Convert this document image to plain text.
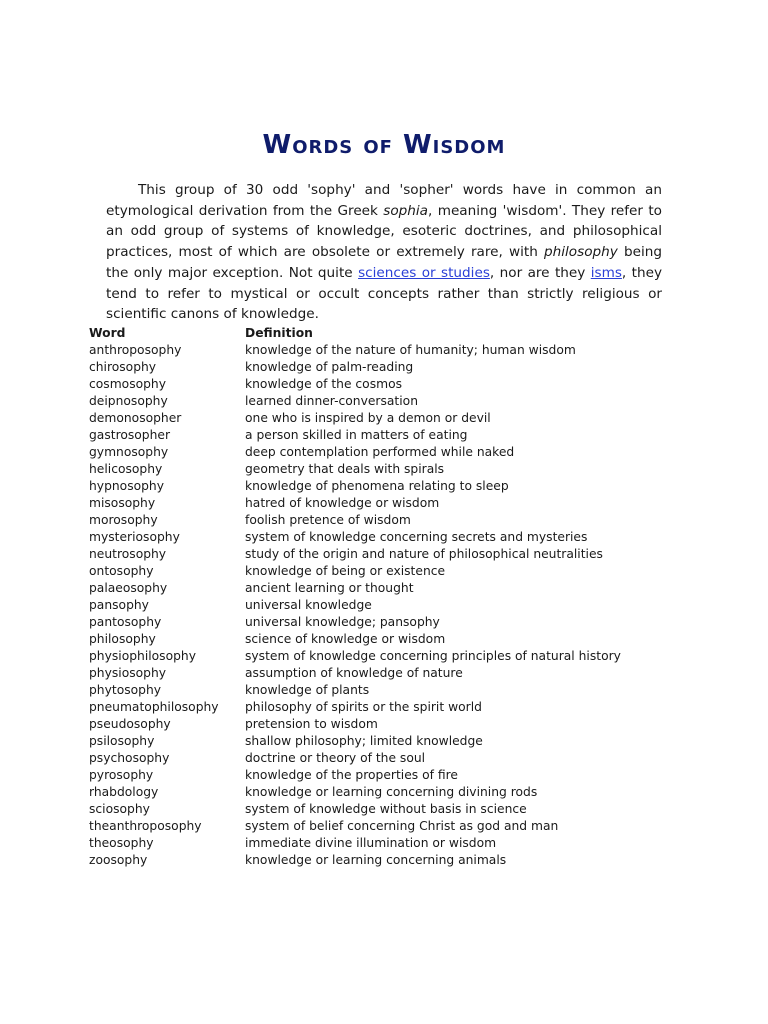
Words of Wisdom

This group of 30 odd 'sophy' and 'sopher' words have in common an etymological derivation from the Greek sophia, meaning 'wisdom'. They refer to an odd group of systems of knowledge, esoteric doctrines, and philosophical practices, most of which are obsolete or extremely rare, with philosophy being the only major exception. Not quite sciences or studies, nor are they isms, they tend to refer to mystical or occult concepts rather than strictly religious or scientific canons of knowledge.

Word	Definition
anthroposophy	knowledge of the nature of humanity; human wisdom
chirosophy	knowledge of palm-reading
cosmosophy	knowledge of the cosmos
deipnosophy	learned dinner-conversation
demonosopher	one who is inspired by a demon or devil
gastrosopher	a person skilled in matters of eating
gymnosophy	deep contemplation performed while naked
helicosophy	geometry that deals with spirals
hypnosophy	knowledge of phenomena relating to sleep
misosophy	hatred of knowledge or wisdom
morosophy	foolish pretence of wisdom
mysteriosophy	system of knowledge concerning secrets and mysteries
neutrosophy	study of the origin and nature of philosophical neutralities
ontosophy	knowledge of being or existence
palaeosophy	ancient learning or thought
pansophy	universal knowledge
pantosophy	universal knowledge; pansophy
philosophy	science of knowledge or wisdom
physiophilosophy	system of knowledge concerning principles of natural history
physiosophy	assumption of knowledge of nature
phytosophy	knowledge of plants
pneumatophilosophy	philosophy of spirits or the spirit world
pseudosophy	pretension to wisdom
psilosophy	shallow philosophy; limited knowledge
psychosophy	doctrine or theory of the soul
pyrosophy	knowledge of the properties of fire
rhabdology	knowledge or learning concerning divining rods
sciosophy	system of knowledge without basis in science
theanthroposophy	system of belief concerning Christ as god and man
theosophy	immediate divine illumination or wisdom
zoosophy	knowledge or learning concerning animals
